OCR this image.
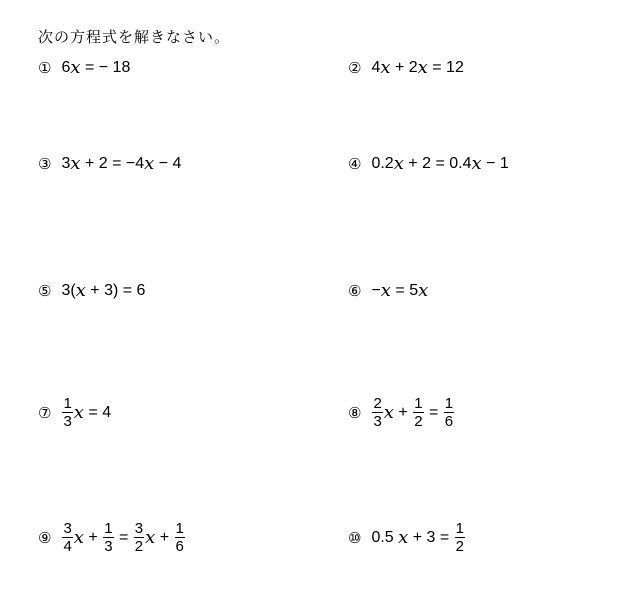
次の方程式を解きなさい。
① 6 x = − 18	② 4 x + 2 x = 12
③ 3 x + 2 = −4 x − 4	④ 0.2 x + 2 = 0.4 x − 1
⑤ 3( x + 3) = 6	⑥ − x = 5 x
⑦ $\frac{1}{3}$ x = 4	⑧ $\frac{2}{3}$ $x + \frac{1}{2} = \frac{1}{6}$
⑨ $\frac{3}{4}$ $x + \frac{1}{3} = \frac{3}{2}$ $x + \frac{1}{6}$	⑩ 0.5 $x + 3 = \frac{1}{2}$
